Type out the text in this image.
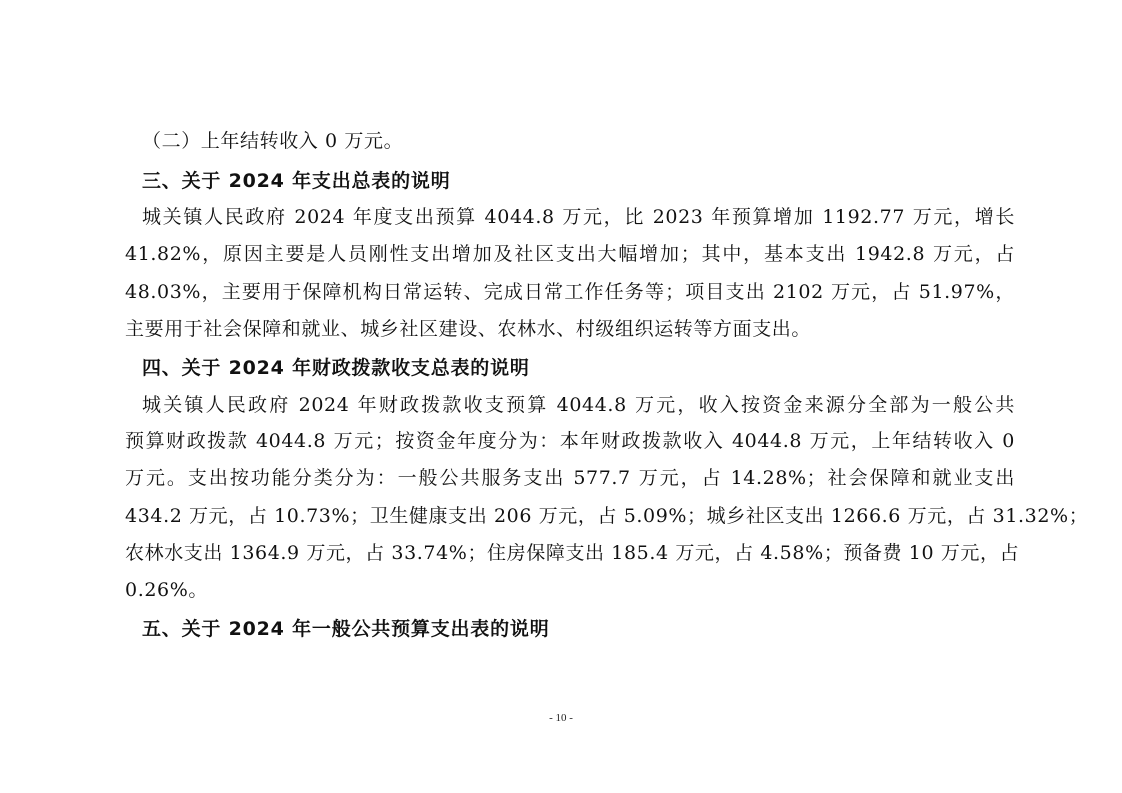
（二）上年结转收入 0 万元。
三、关于 2024 年支出总表的说明
城关镇人民政府 2024 年度支出预算 4044.8 万元，比 2023 年预算增加 1192.77 万元，增长
41.82%，原因主要是人员刚性支出增加及社区支出大幅增加；其中，基本支出 1942.8 万元，占
48.03%，主要用于保障机构日常运转、完成日常工作任务等；项目支出 2102 万元，占 51.97%，
主要用于社会保障和就业、城乡社区建设、农林水、村级组织运转等方面支出。
四、关于 2024 年财政拨款收支总表的说明
城关镇人民政府 2024 年财政拨款收支预算 4044.8 万元，收入按资金来源分全部为一般公共
预算财政拨款 4044.8 万元；按资金年度分为：本年财政拨款收入 4044.8 万元，上年结转收入 0
万元。支出按功能分类分为：一般公共服务支出 577.7 万元，占 14.28%；社会保障和就业支出
434.2 万元，占 10.73%；卫生健康支出 206 万元，占 5.09%；城乡社区支出 1266.6 万元，占 31.32%；
农林水支出 1364.9 万元，占 33.74%；住房保障支出 185.4 万元，占 4.58%；预备费 10 万元，占
0.26%。
五、关于 2024 年一般公共预算支出表的说明
- 10 -
